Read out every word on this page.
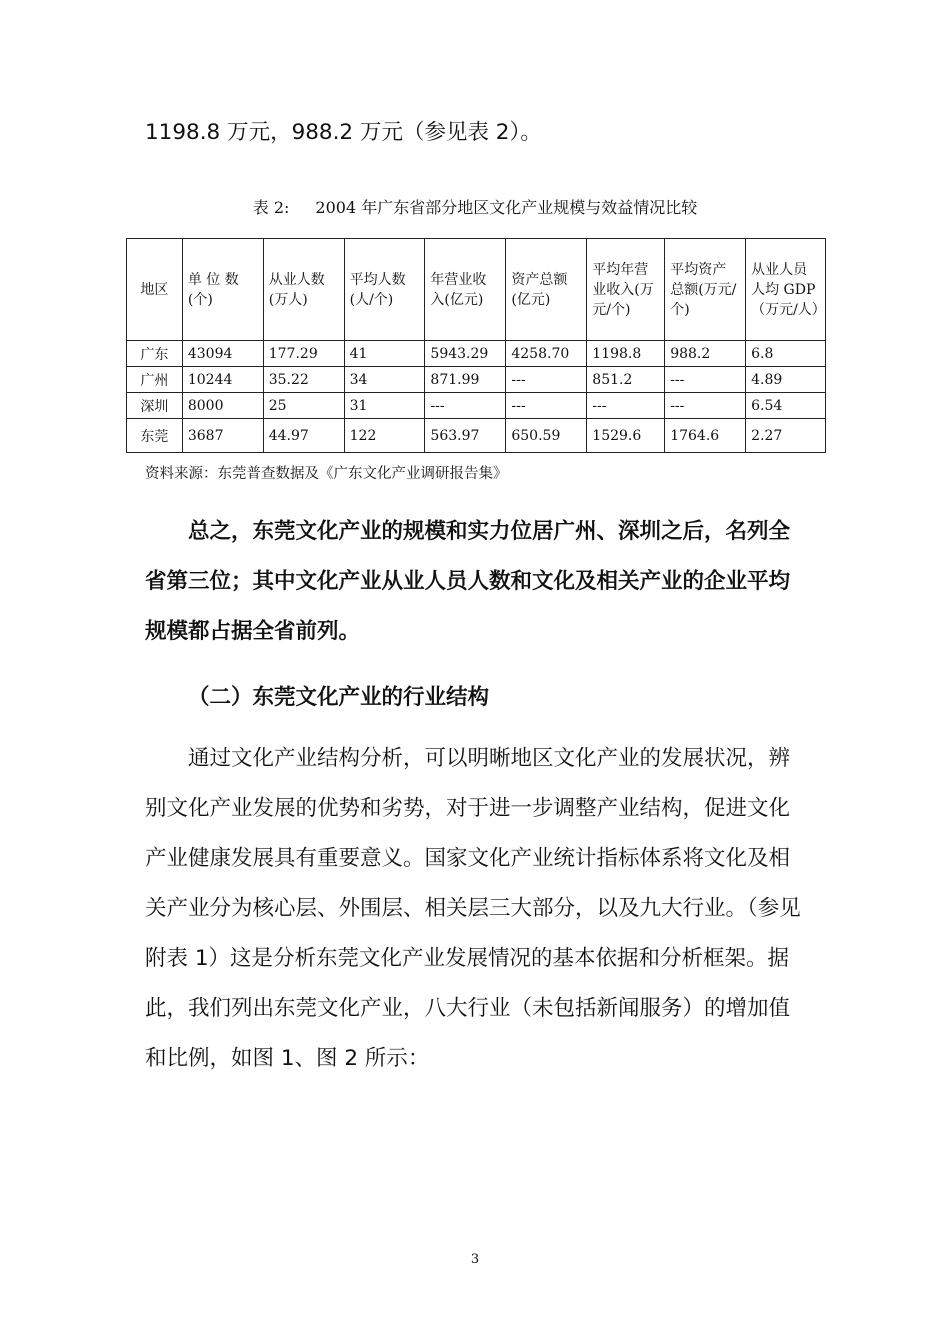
1198.8 万元，988.2 万元（参见表 2）。

表 2: 2004 年广东省部分地区文化产业规模与效益情况比较
地区	单 位 数(个)	从业人数(万人)	平均人数(人/个)	年营业收入(亿元)	资产总额(亿元)	平均年营业收入(万元/个)	平均资产总额(万元/个)	从业人员人均 GDP（万元/人）
广东	43094	177.29	41	5943.29	4258.70	1198.8	988.2	6.8
广州	10244	35.22	34	871.99	---	851.2	---	4.89
深圳	8000	25	31	---	---	---	---	6.54
东莞	3687	44.97	122	563.97	650.59	1529.6	1764.6	2.27
资料来源：东莞普查数据及《广东文化产业调研报告集》

总之，东莞文化产业的规模和实力位居广州、深圳之后，名列全省第三位；其中文化产业从业人员人数和文化及相关产业的企业平均规模都占据全省前列。

（二）东莞文化产业的行业结构

通过文化产业结构分析，可以明晰地区文化产业的发展状况，辨别文化产业发展的优势和劣势，对于进一步调整产业结构，促进文化产业健康发展具有重要意义。国家文化产业统计指标体系将文化及相关产业分为核心层、外围层、相关层三大部分，以及九大行业。（参见附表 1）这是分析东莞文化产业发展情况的基本依据和分析框架。据此，我们列出东莞文化产业，八大行业（未包括新闻服务）的增加值和比例，如图 1、图 2 所示：

3
